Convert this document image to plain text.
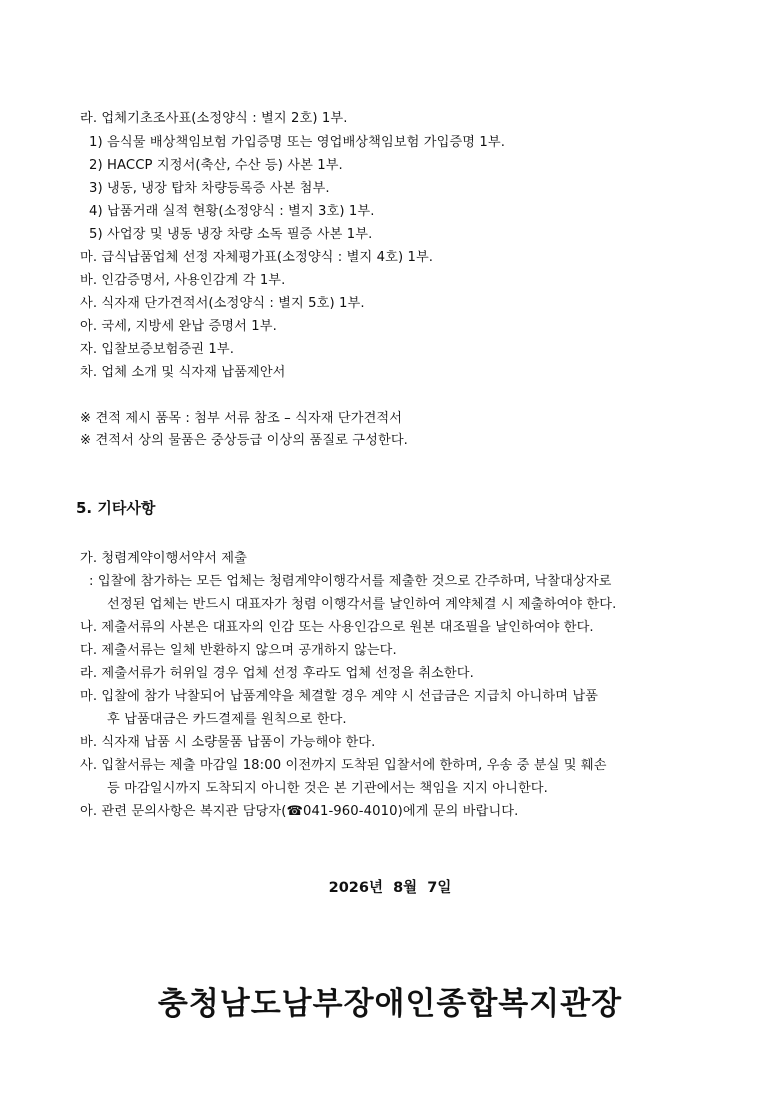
라. 업체기초조사표(소정양식 : 별지 2호) 1부.
1) 음식물 배상책임보험 가입증명 또는 영업배상책임보험 가입증명 1부.
2) HACCP 지정서(축산, 수산 등) 사본 1부.
3) 냉동, 냉장 탑차 차량등록증 사본 첨부.
4) 납품거래 실적 현황(소정양식 : 별지 3호) 1부.
5) 사업장 및 냉동 냉장 차량 소독 필증 사본 1부.
마. 급식납품업체 선정 자체평가표(소정양식 : 별지 4호) 1부.
바. 인감증명서, 사용인감계 각 1부.
사. 식자재 단가견적서(소정양식 : 별지 5호) 1부.
아. 국세, 지방세 완납 증명서 1부.
자. 입찰보증보험증권 1부.
차. 업체 소개 및 식자재 납품제안서
※ 견적 제시 품목 : 첨부 서류 참조 – 식자재 단가견적서
※ 견적서 상의 물품은 중상등급 이상의 품질로 구성한다.
5. 기타사항
가. 청렴계약이행서약서 제출
: 입찰에 참가하는 모든 업체는 청렴계약이행각서를 제출한 것으로 간주하며, 낙찰대상자로
선정된 업체는 반드시 대표자가 청렴 이행각서를 날인하여 계약체결 시 제출하여야 한다.
나. 제출서류의 사본은 대표자의 인감 또는 사용인감으로 원본 대조필을 날인하여야 한다.
다. 제출서류는 일체 반환하지 않으며 공개하지 않는다.
라. 제출서류가 허위일 경우 업체 선정 후라도 업체 선정을 취소한다.
마. 입찰에 참가 낙찰되어 납품계약을 체결할 경우 계약 시 선급금은 지급치 아니하며 납품
후 납품대금은 카드결제를 원칙으로 한다.
바. 식자재 납품 시 소량물품 납품이 가능해야 한다.
사. 입찰서류는 제출 마감일 18:00 이전까지 도착된 입찰서에 한하며, 우송 중 분실 및 훼손
등 마감일시까지 도착되지 아니한 것은 본 기관에서는 책임을 지지 아니한다.
아. 관련 문의사항은 복지관 담당자(☎041-960-4010)에게 문의 바랍니다.
2026년  8월  7일
충청남도남부장애인종합복지관장
